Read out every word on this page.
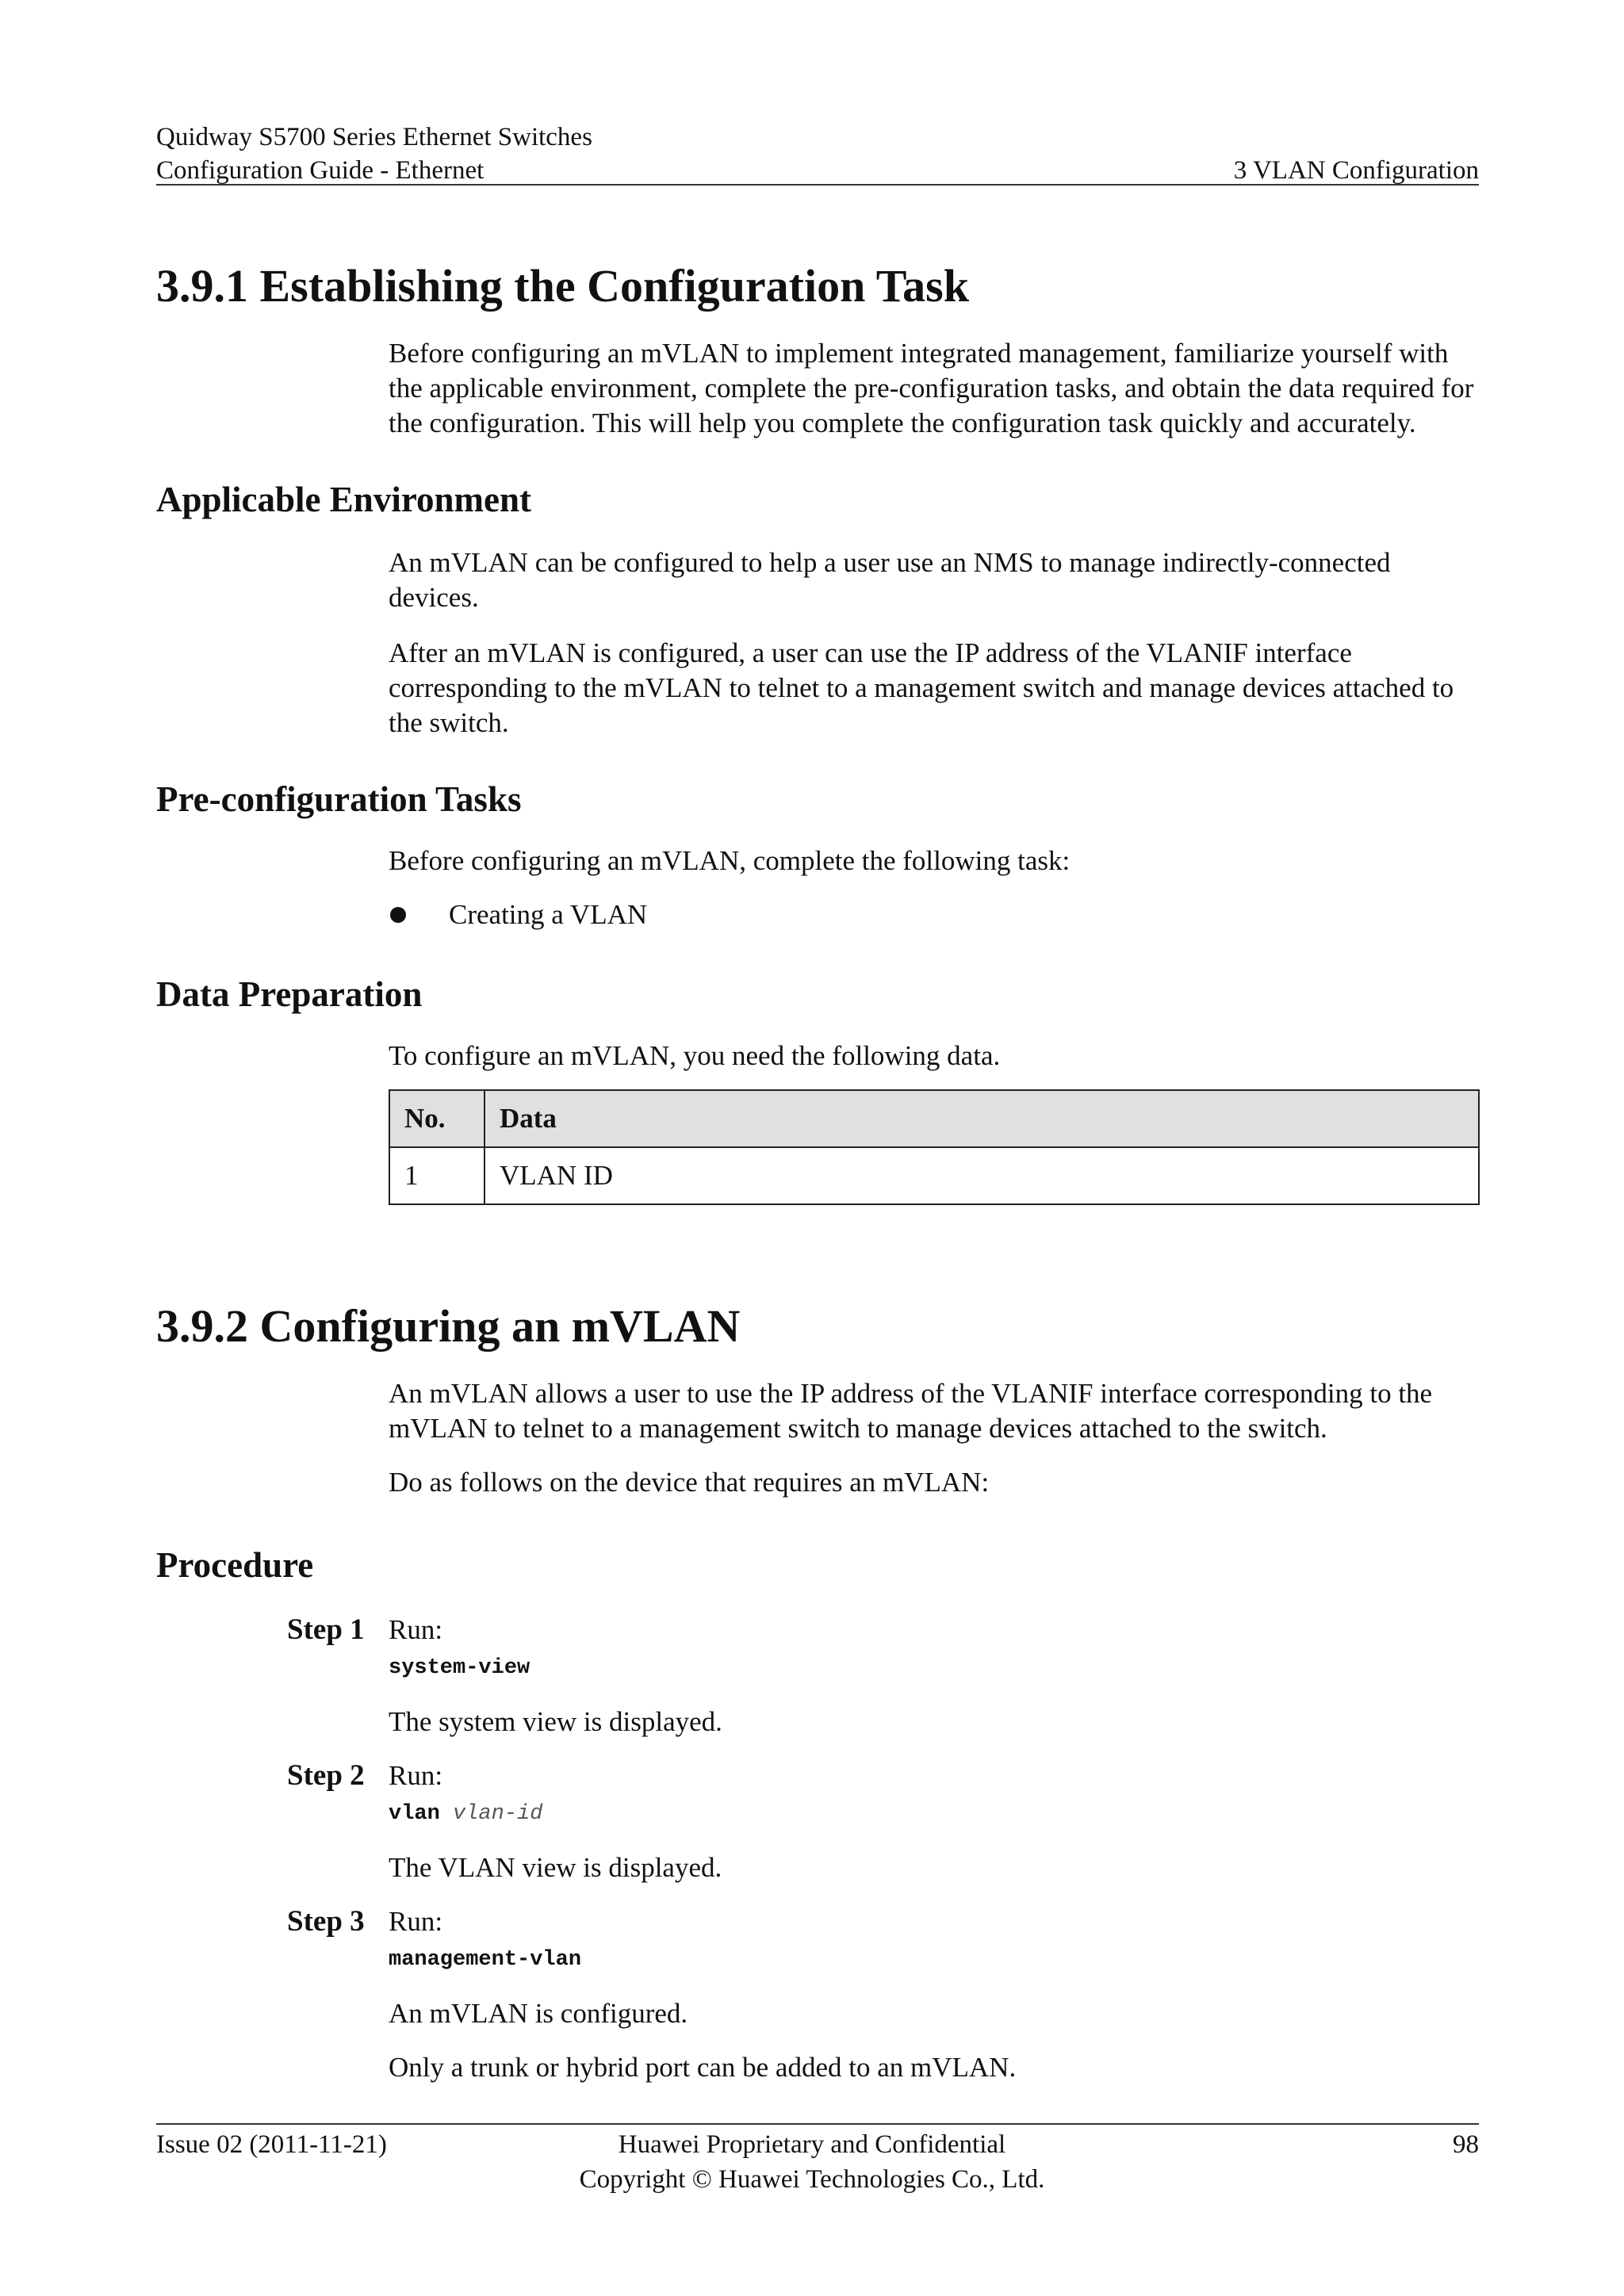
Quidway S5700 Series Ethernet Switches
Configuration Guide - Ethernet	3 VLAN Configuration
3.9.1 Establishing the Configuration Task

Before configuring an mVLAN to implement integrated management, familiarize yourself with the applicable environment, complete the pre-configuration tasks, and obtain the data required for the configuration. This will help you complete the configuration task quickly and accurately.

Applicable Environment

An mVLAN can be configured to help a user use an NMS to manage indirectly-connected devices.

After an mVLAN is configured, a user can use the IP address of the VLANIF interface corresponding to the mVLAN to telnet to a management switch and manage devices attached to the switch.

Pre-configuration Tasks

Before configuring an mVLAN, complete the following task:

Creating a VLAN

Data Preparation

To configure an mVLAN, you need the following data.

No.	Data
1	VLAN ID
3.9.2 Configuring an mVLAN

An mVLAN allows a user to use the IP address of the VLANIF interface corresponding to the mVLAN to telnet to a management switch to manage devices attached to the switch.

Do as follows on the device that requires an mVLAN:

Procedure
Step 1 Run:

system-view

The system view is displayed.

Step 2 Run:

vlan vlan-id

The VLAN view is displayed.

Step 3 Run:

management-vlan

An mVLAN is configured.

Only a trunk or hybrid port can be added to an mVLAN.

Issue 02 (2011-11-21)	Huawei Proprietary and Confidential
Copyright © Huawei Technologies Co., Ltd.
98
